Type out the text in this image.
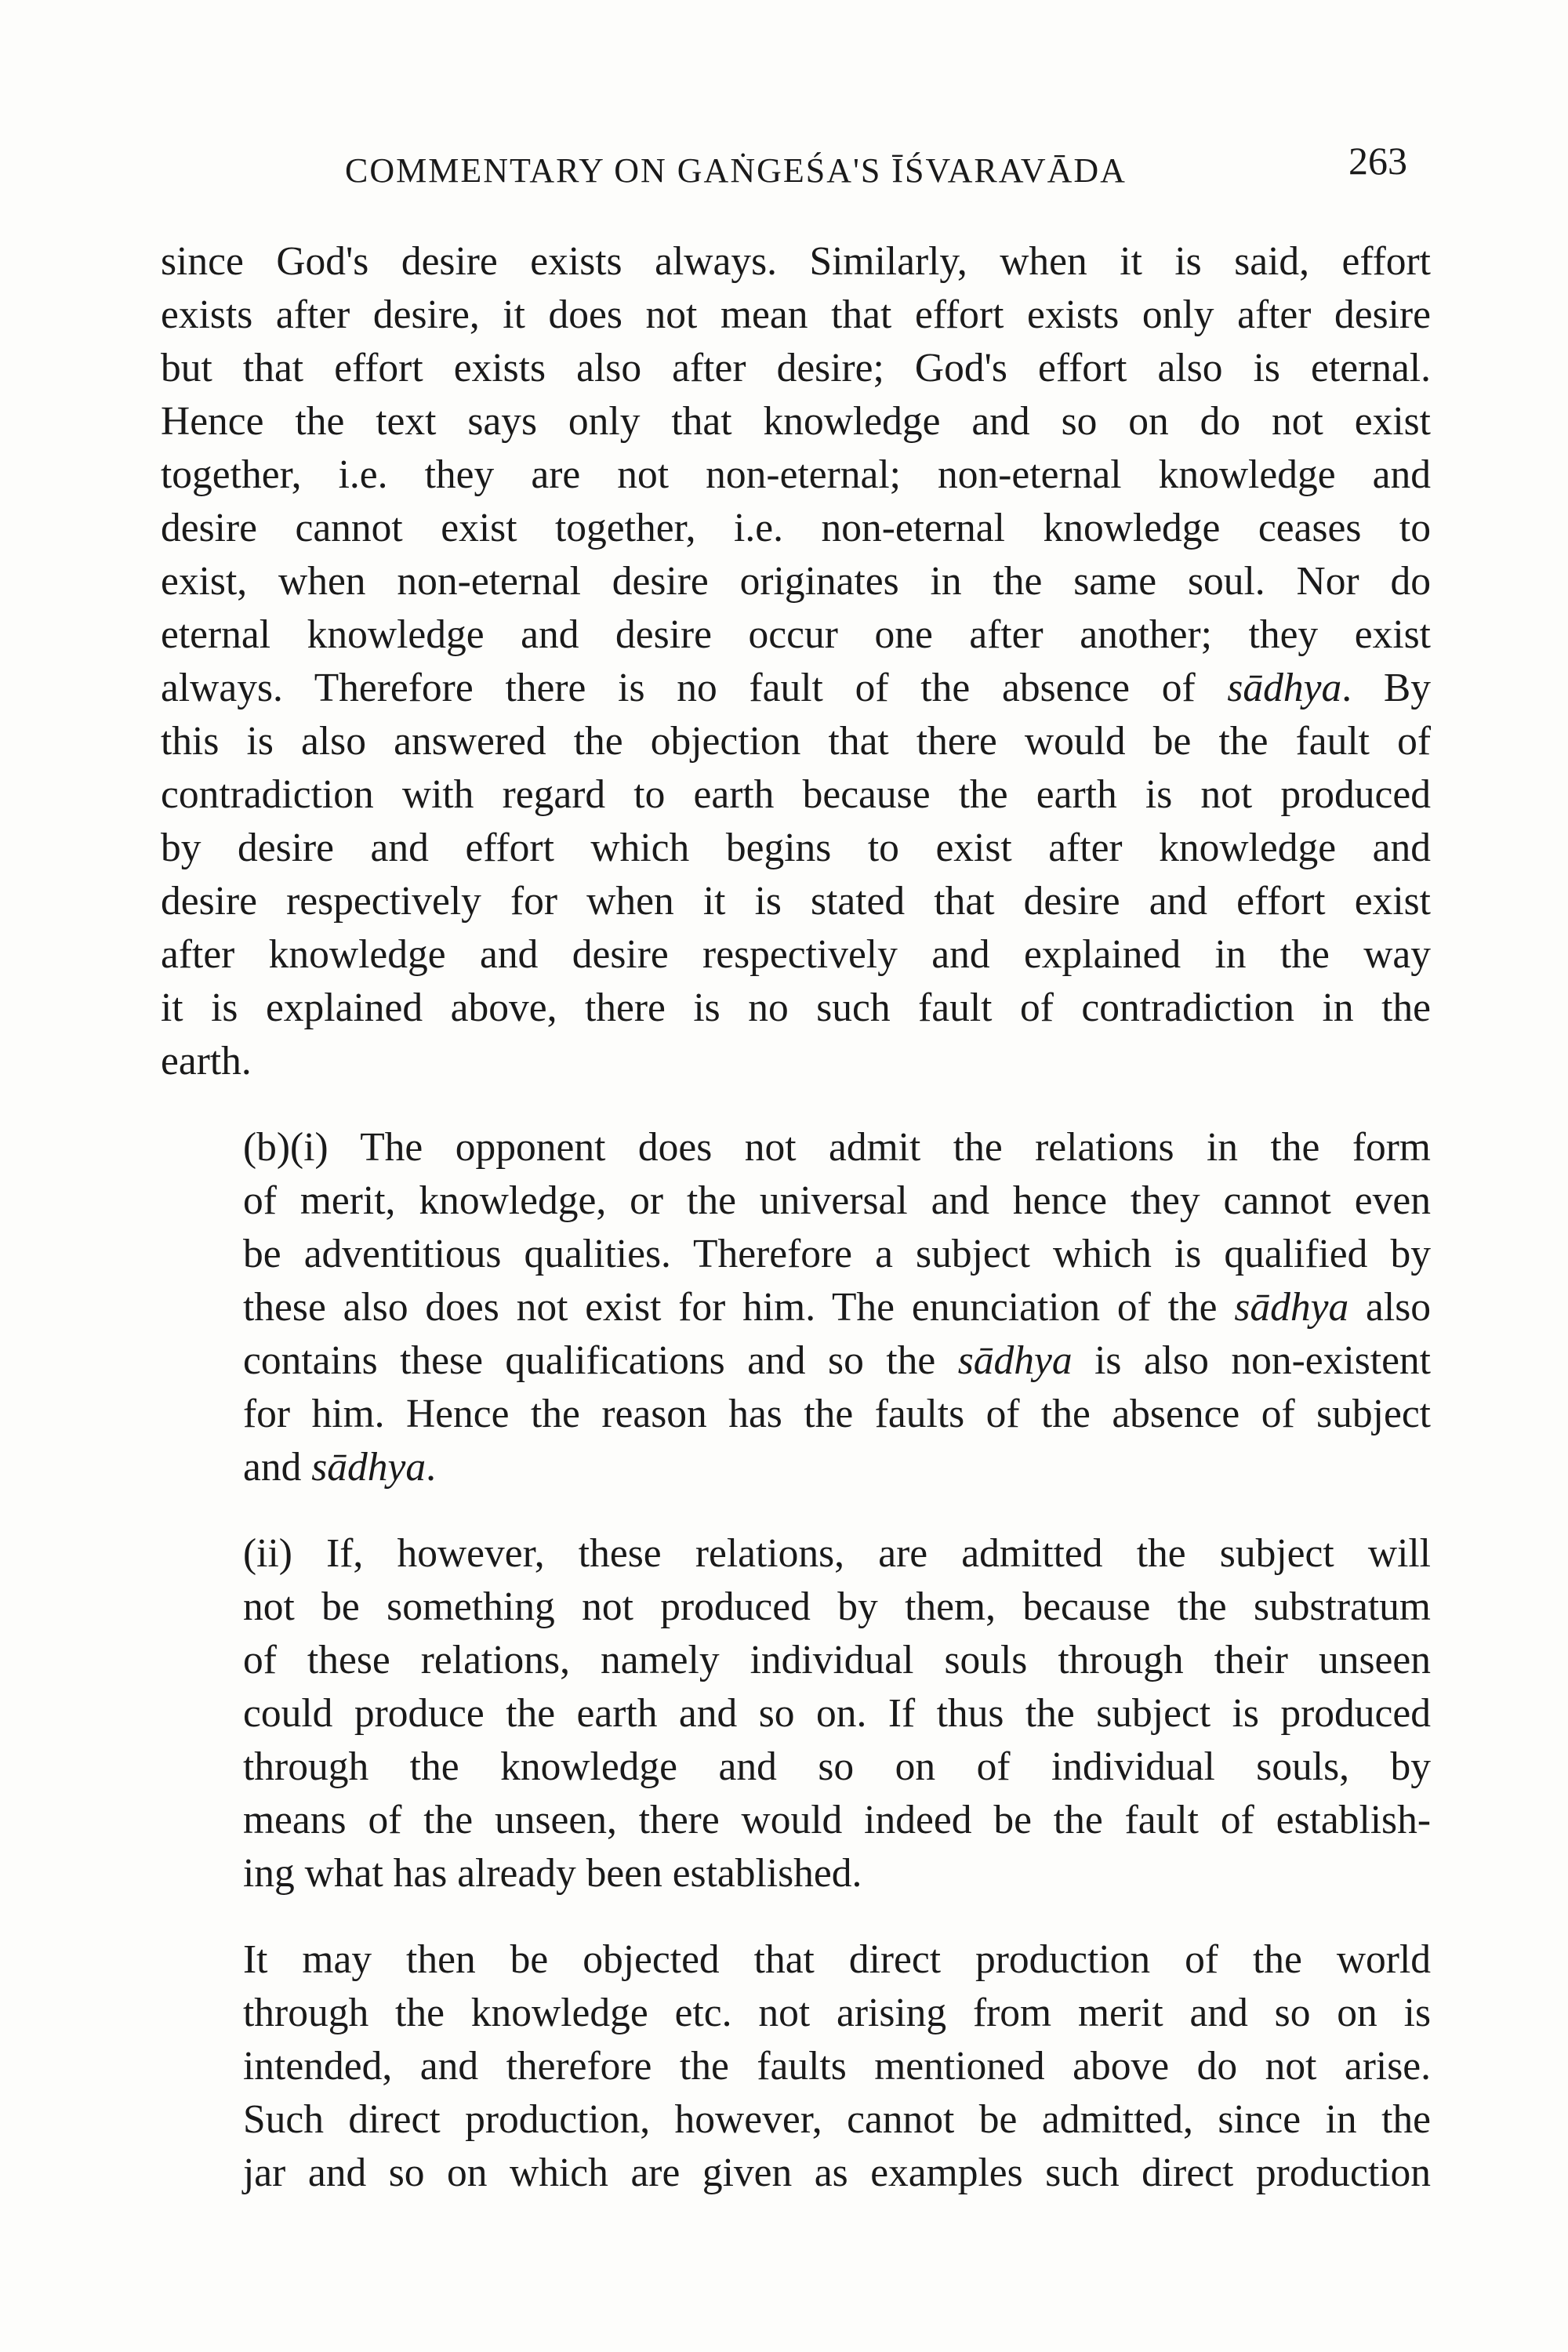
COMMENTARY ON GAṄGEŚA'S ĪŚVARAVĀDA	263

since God's desire exists always. Similarly, when it is said, effort
exists after desire, it does not mean that effort exists only after desire
but that effort exists also after desire; God's effort also is eternal.
Hence the text says only that knowledge and so on do not exist
together, i.e. they are not non-eternal; non-eternal knowledge and
desire cannot exist together, i.e. non-eternal knowledge ceases to
exist, when non-eternal desire originates in the same soul. Nor do
eternal knowledge and desire occur one after another; they exist
always. Therefore there is no fault of the absence of sādhya. By
this is also answered the objection that there would be the fault of
contradiction with regard to earth because the earth is not produced
by desire and effort which begins to exist after knowledge and
desire respectively for when it is stated that desire and effort exist
after knowledge and desire respectively and explained in the way
it is explained above, there is no such fault of contradiction in the
earth.

(b)(i) The opponent does not admit the relations in the form
of merit, knowledge, or the universal and hence they cannot even
be adventitious qualities. Therefore a subject which is qualified by
these also does not exist for him. The enunciation of the sādhya also
contains these qualifications and so the sādhya is also non-existent
for him. Hence the reason has the faults of the absence of subject
and sādhya.

(ii) If, however, these relations, are admitted the subject will
not be something not produced by them, because the substratum
of these relations, namely individual souls through their unseen
could produce the earth and so on. If thus the subject is produced
through the knowledge and so on of individual souls, by
means of the unseen, there would indeed be the fault of establish-
ing what has already been established.

It may then be objected that direct production of the world
through the knowledge etc. not arising from merit and so on is
intended, and therefore the faults mentioned above do not arise.
Such direct production, however, cannot be admitted, since in the
jar and so on which are given as examples such direct production
